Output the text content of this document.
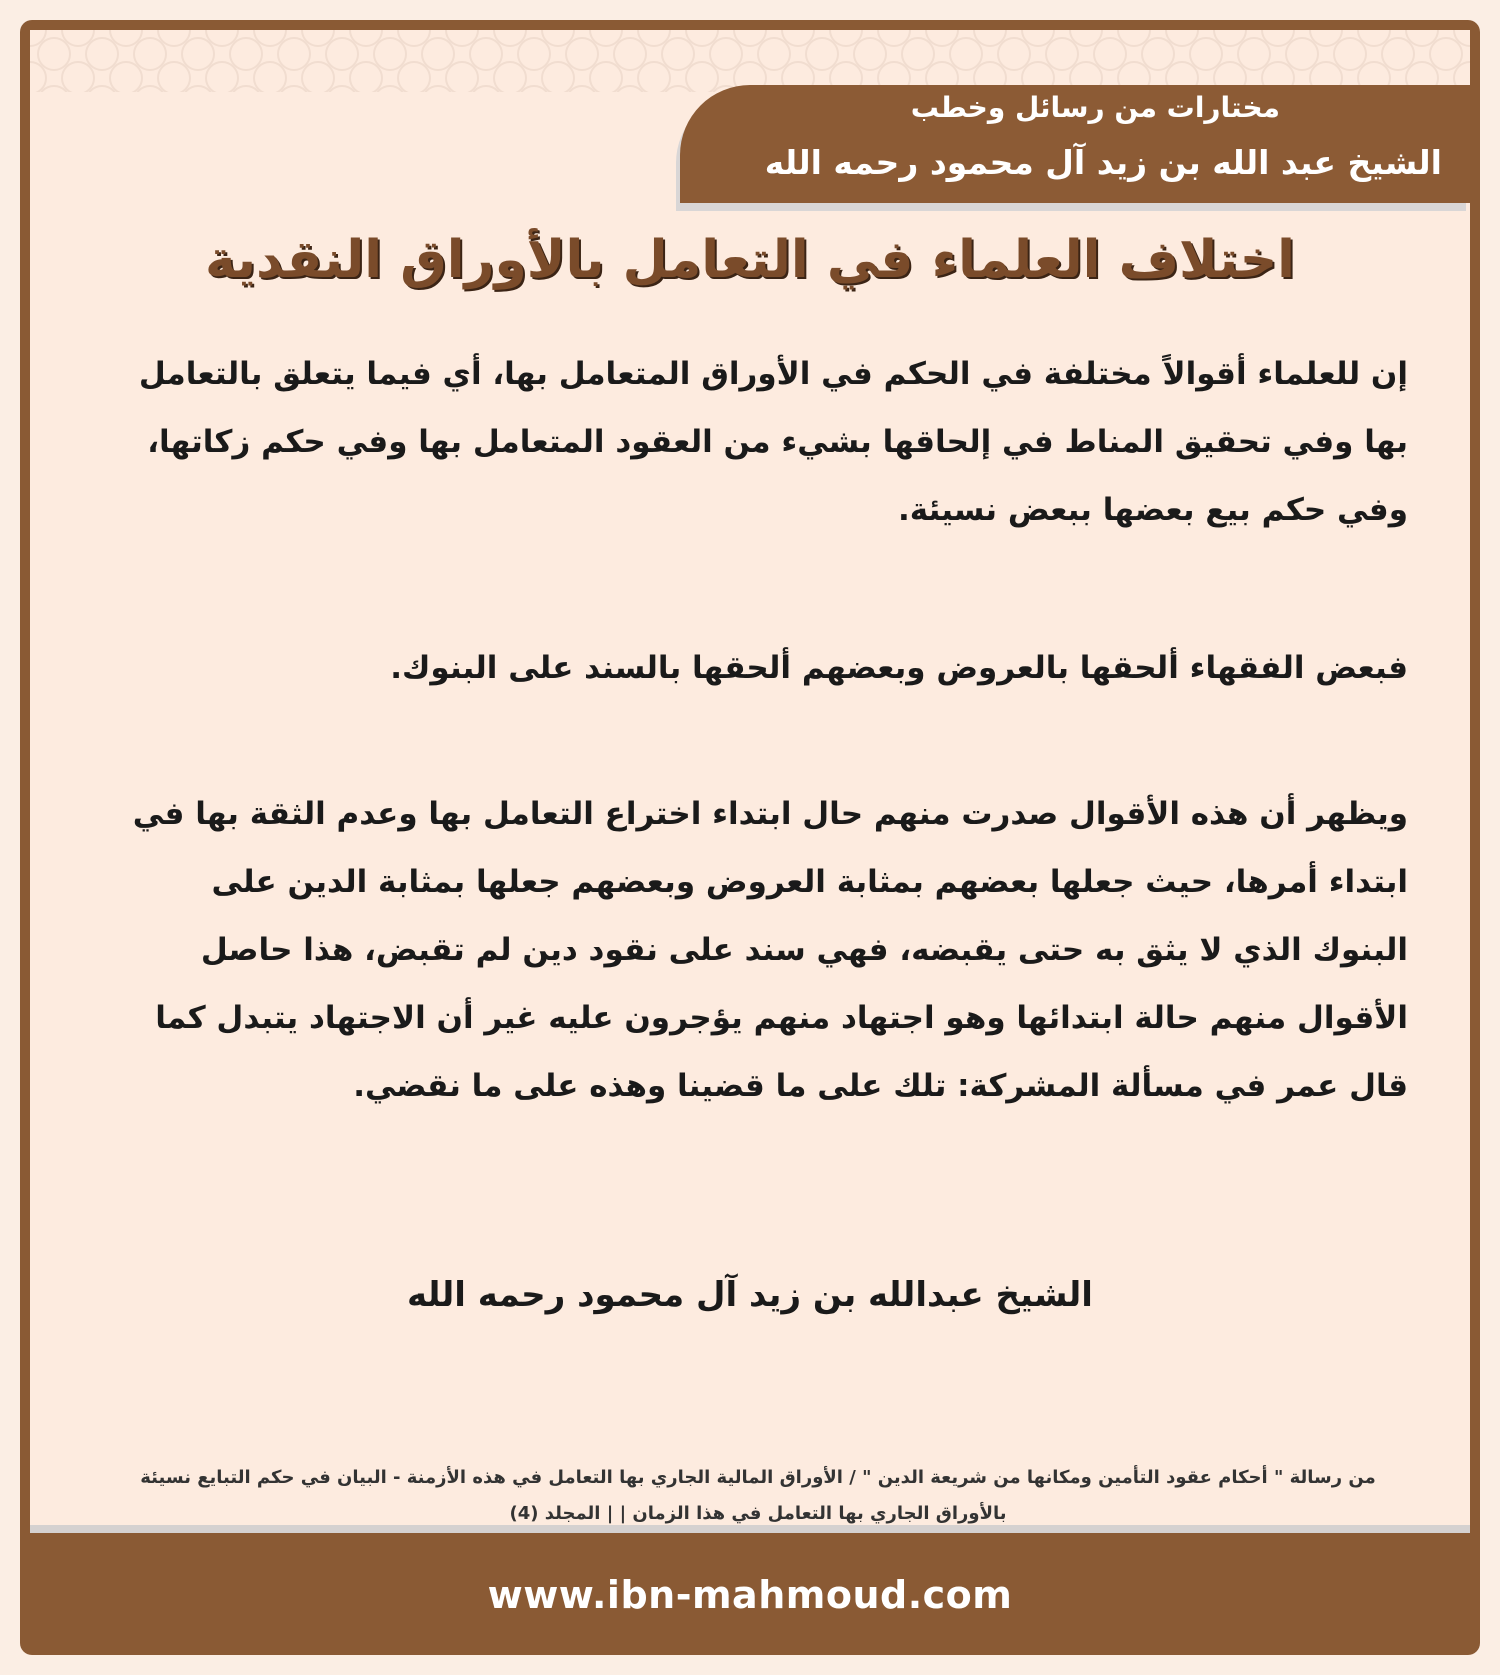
مختارات من رسائل وخطب
الشيخ عبد الله بن زيد آل محمود رحمه الله
اختلاف العلماء في التعامل بالأوراق النقدية
إن للعلماء أقوالاً مختلفة في الحكم في الأوراق المتعامل بها، أي فيما يتعلق بالتعامل بها وفي تحقيق المناط في إلحاقها بشيء من العقود المتعامل بها وفي حكم زكاتها، وفي حكم بيع بعضها ببعض نسيئة.
فبعض الفقهاء ألحقها بالعروض وبعضهم ألحقها بالسند على البنوك.
ويظهر أن هذه الأقوال صدرت منهم حال ابتداء اختراع التعامل بها وعدم الثقة بها في ابتداء أمرها، حيث جعلها بعضهم بمثابة العروض وبعضهم جعلها بمثابة الدين على البنوك الذي لا يثق به حتى يقبضه، فهي سند على نقود دين لم تقبض، هذا حاصل الأقوال منهم حالة ابتدائها وهو اجتهاد منهم يؤجرون عليه غير أن الاجتهاد يتبدل كما قال عمر في مسألة المشركة: تلك على ما قضينا وهذه على ما نقضي.
الشيخ عبدالله بن زيد آل محمود رحمه الله
من رسالة " أحكام عقود التأمين ومكانها من شريعة الدين " / الأوراق المالية الجاري بها التعامل في هذه الأزمنة - البيان في حكم التبايع نسيئة بالأوراق الجاري بها التعامل في هذا الزمان | | المجلد (4)
www.ibn-mahmoud.com
